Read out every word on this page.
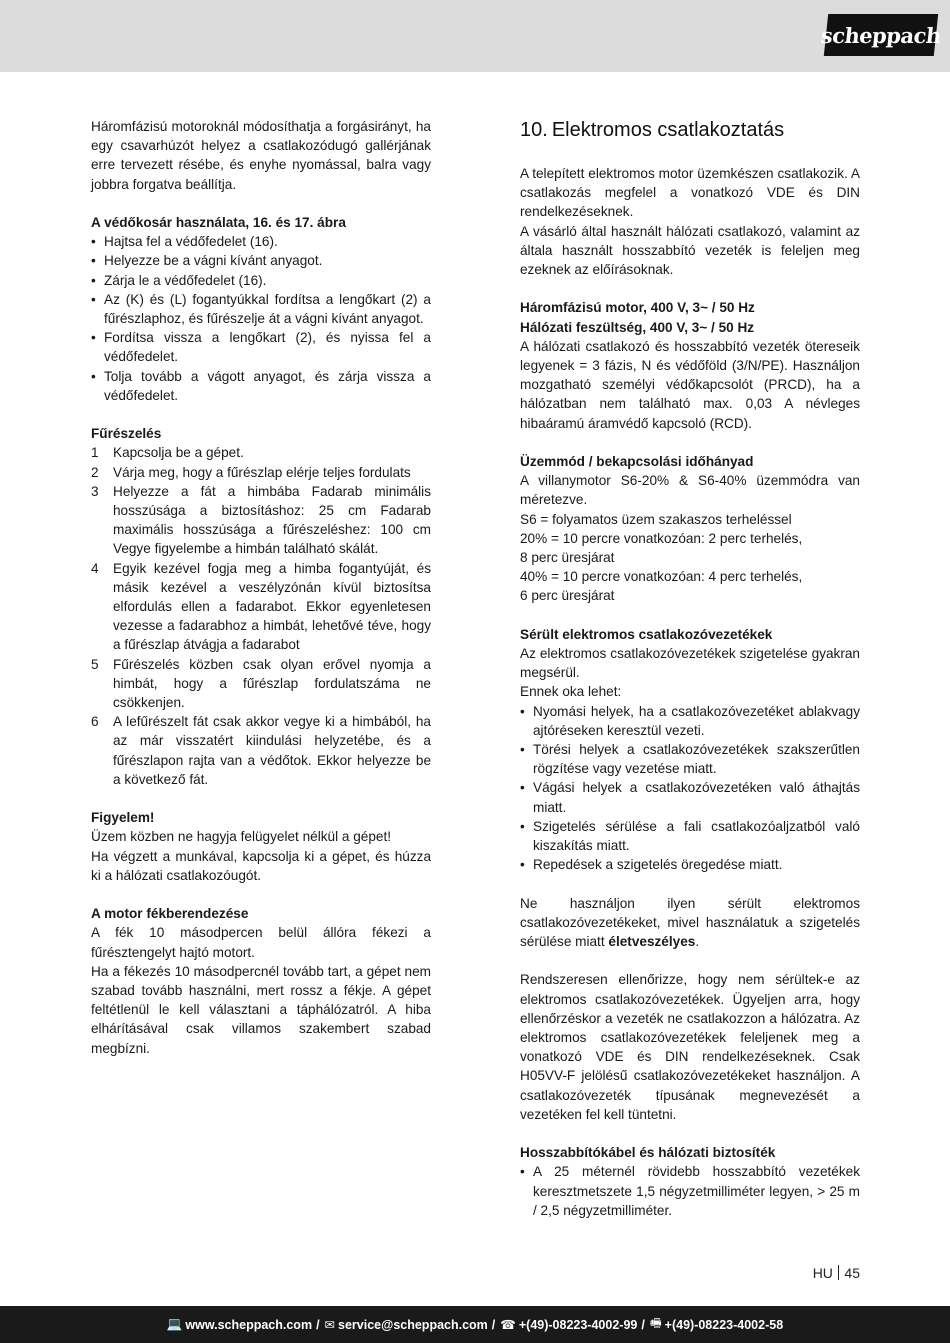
scheppach

Háromfázisú motoroknál módosíthatja a forgásirányt, ha egy csavarhúzót helyez a csatlakozódugó gallérjának erre tervezett résébe, és enyhe nyomással, balra vagy jobbra forgatva beállítja.

A védőkosár használata, 16. és 17. ábra

• Hajtsa fel a védőfedelet (16).
• Helyezze be a vágni kívánt anyagot.
• Zárja le a védőfedelet (16).
• Az (K) és (L) fogantyúkkal fordítsa a lengőkart (2) a fűrészlaphoz, és fűrészelje át a vágni kívánt anyagot.
• Fordítsa vissza a lengőkart (2), és nyissa fel a védőfedelet.
• Tolja tovább a vágott anyagot, és zárja vissza a védőfedelet.

Fűrészelés

1	Kapcsolja be a gépet.
2	Várja meg, hogy a fűrészlap elérje teljes fordulats
3	Helyezze a fát a himbába Fadarab minimális hosszúsága a biztosításhoz: 25 cm Fadarab maximális hosszúsága a fűrészeléshez: 100 cm Vegye figyelembe a himbán található skálát.
4	Egyik kezével fogja meg a himba fogantyúját, és másik kezével a veszélyzónán kívül biztosítsa elfordulás ellen a fadarabot. Ekkor egyenletesen vezesse a fadarabhoz a himbát, lehetővé téve, hogy a fűrészlap átvágja a fadarabot
5	Fűrészelés közben csak olyan erővel nyomja a himbát, hogy a fűrészlap fordulatszáma ne csökkenjen.
6	A lefűrészelt fát csak akkor vegye ki a himbából, ha az már visszatért kiindulási helyzetébe, és a fűrészlapon rajta van a védőtok. Ekkor helyezze be a következő fát.

Figyelem!

Üzem közben ne hagyja felügyelet nélkül a gépet!

Ha végzett a munkával, kapcsolja ki a gépet, és húzza ki a hálózati csatlakozóugót.

A motor fékberendezése

A fék 10 másodpercen belül állóra fékezi a fűrésztengelyt hajtó motort.

Ha a fékezés 10 másodpercnél tovább tart, a gépet nem szabad tovább használni, mert rossz a fékje. A gépet feltétlenül le kell választani a táphálózatról. A hiba elhárításával csak villamos szakembert szabad megbízni.

10. Elektromos csatlakoztatás

A telepített elektromos motor üzemkészen csatlakozik. A csatlakozás megfelel a vonatkozó VDE és DIN rendelkezéseknek.

A vásárló által használt hálózati csatlakozó, valamint az általa használt hosszabbító vezeték is feleljen meg ezeknek az előírásoknak.

Háromfázisú motor, 400 V, 3~ / 50 Hz

Hálózati feszültség, 400 V, 3~ / 50 Hz

A hálózati csatlakozó és hosszabbító vezeték ötereseik legyenek = 3 fázis, N és védőföld (3/N/PE). Használjon mozgatható személyi védőkapcsolót (PRCD), ha a hálózatban nem található max. 0,03 A névleges hibaáramú áramvédő kapcsoló (RCD).

Üzemmód / bekapcsolási időhányad

A villanymotor S6-20% & S6-40% üzemmódra van méretezve.

S6 = folyamatos üzem szakaszos terheléssel

20% = 10 percre vonatkozóan: 2 perc terhelés,

8 perc üresjárat

40% = 10 percre vonatkozóan: 4 perc terhelés,

6 perc üresjárat

Sérült elektromos csatlakozóvezetékek

Az elektromos csatlakozóvezetékek szigetelése gyakran megsérül.

Ennek oka lehet:

• Nyomási helyek, ha a csatlakozóvezetéket ablakvagy ajtóréseken keresztül vezeti.
• Törési helyek a csatlakozóvezetékek szakszerűtlen rögzítése vagy vezetése miatt.
• Vágási helyek a csatlakozóvezetéken való áthajtás miatt.
• Szigetelés sérülése a fali csatlakozóaljzatból való kiszakítás miatt.
• Repedések a szigetelés öregedése miatt.

Ne használjon ilyen sérült elektromos csatlakozóvezetékeket, mivel használatuk a szigetelés sérülése miatt életveszélyes.

Rendszeresen ellenőrizze, hogy nem sérültek-e az elektromos csatlakozóvezetékek. Ügyeljen arra, hogy ellenőrzéskor a vezeték ne csatlakozzon a hálózatra. Az elektromos csatlakozóvezetékek feleljenek meg a vonatkozó VDE és DIN rendelkezéseknek. Csak H05VV-F jelölésű csatlakozóvezetékeket használjon. A csatlakozóvezeték típusának megnevezését a vezetéken fel kell tüntetni.

Hosszabbítókábel és hálózati biztosíték

• A 25 méternél rövidebb hosszabbító vezetékek keresztmetszete 1,5 négyzetmilliméter legyen, > 25 m / 2,5 négyzetmilliméter.
HU 45
💻 www.scheppach.com / ✉ service@scheppach.com / ☎ +(49)-08223-4002-99 / 🖷 +(49)-08223-4002-58
